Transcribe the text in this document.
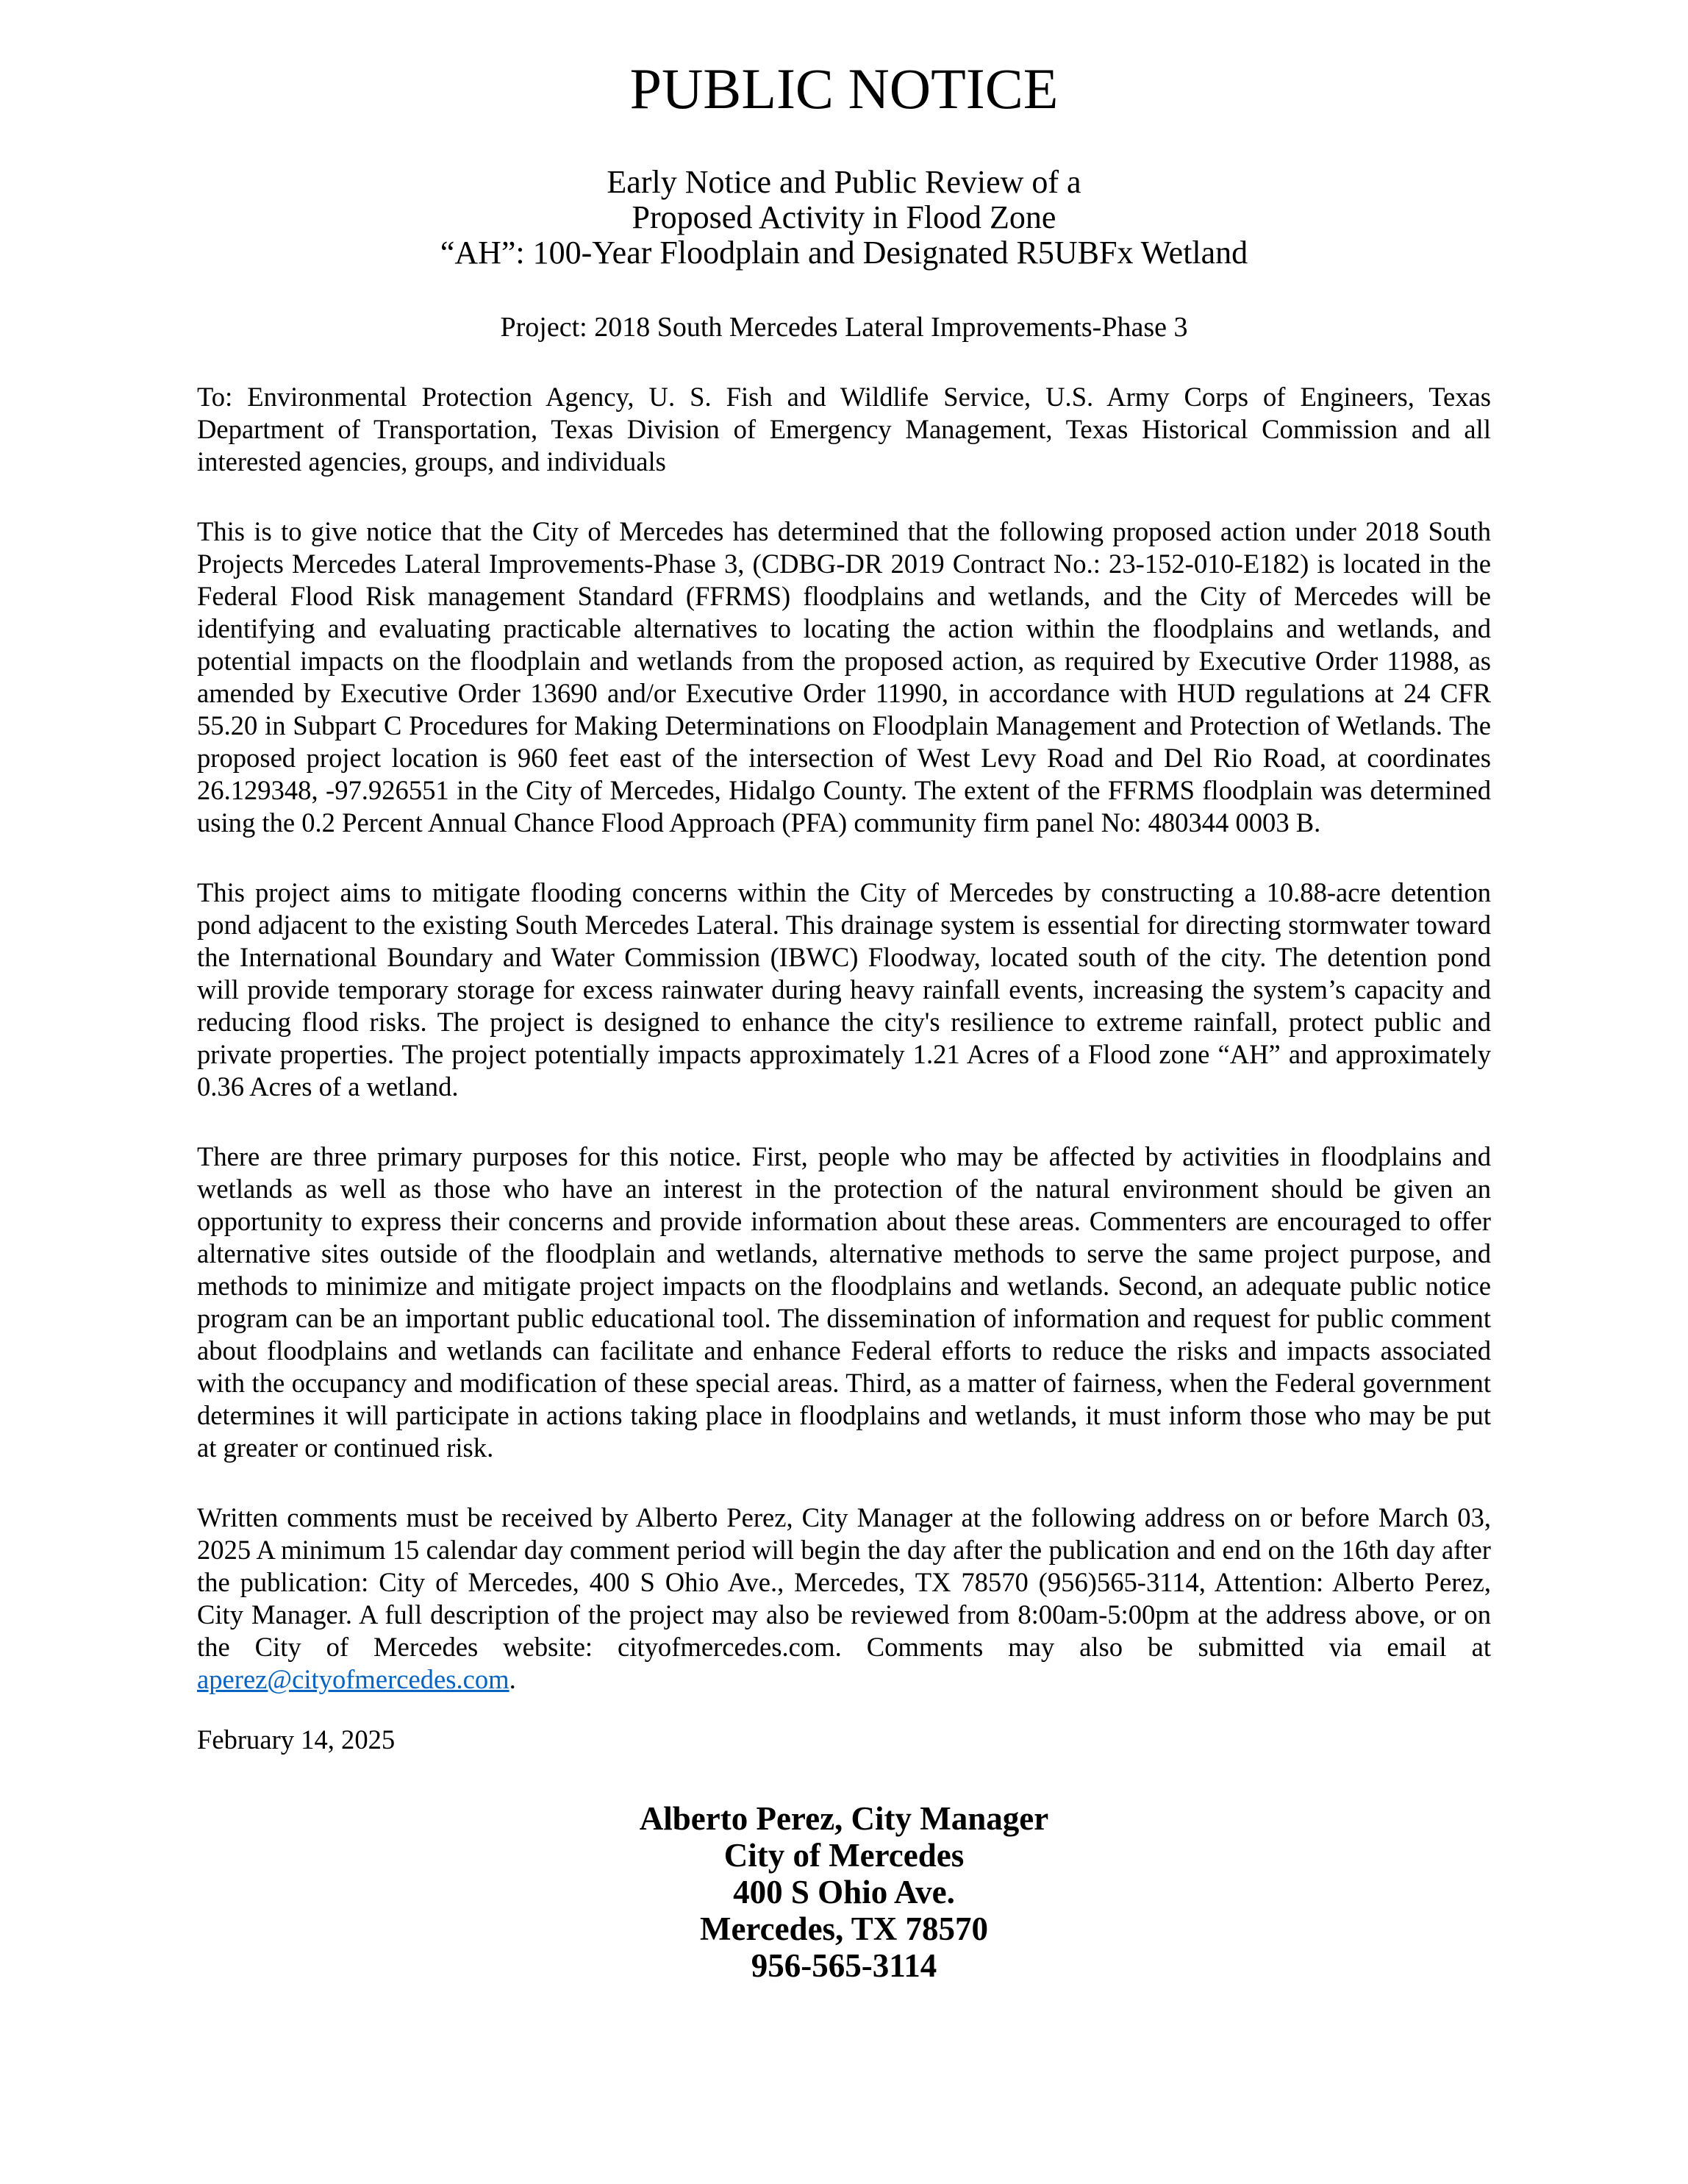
PUBLIC NOTICE
Early Notice and Public Review of a
Proposed Activity in Flood Zone
“AH”: 100-Year Floodplain and Designated R5UBFx Wetland
Project: 2018 South Mercedes Lateral Improvements-Phase 3

To: Environmental Protection Agency, U. S. Fish and Wildlife Service, U.S. Army Corps of Engineers, Texas Department of Transportation, Texas Division of Emergency Management, Texas Historical Commission and all interested agencies, groups, and individuals

This is to give notice that the City of Mercedes has determined that the following proposed action under 2018 South Projects Mercedes Lateral Improvements-Phase 3, (CDBG-DR 2019 Contract No.: 23-152-010-E182) is located in the Federal Flood Risk management Standard (FFRMS) floodplains and wetlands, and the City of Mercedes will be identifying and evaluating practicable alternatives to locating the action within the floodplains and wetlands, and potential impacts on the floodplain and wetlands from the proposed action, as required by Executive Order 11988, as amended by Executive Order 13690 and/or Executive Order 11990, in accordance with HUD regulations at 24 CFR 55.20 in Subpart C Procedures for Making Determinations on Floodplain Management and Protection of Wetlands. The proposed project location is 960 feet east of the intersection of West Levy Road and Del Rio Road, at coordinates 26.129348, -97.926551 in the City of Mercedes, Hidalgo County. The extent of the FFRMS floodplain was determined using the 0.2 Percent Annual Chance Flood Approach (PFA) community firm panel No: 480344 0003 B.

This project aims to mitigate flooding concerns within the City of Mercedes by constructing a 10.88-acre detention pond adjacent to the existing South Mercedes Lateral. This drainage system is essential for directing stormwater toward the International Boundary and Water Commission (IBWC) Floodway, located south of the city. The detention pond will provide temporary storage for excess rainwater during heavy rainfall events, increasing the system’s capacity and reducing flood risks. The project is designed to enhance the city's resilience to extreme rainfall, protect public and private properties. The project potentially impacts approximately 1.21 Acres of a Flood zone “AH” and approximately 0.36 Acres of a wetland.

There are three primary purposes for this notice. First, people who may be affected by activities in floodplains and wetlands as well as those who have an interest in the protection of the natural environment should be given an opportunity to express their concerns and provide information about these areas. Commenters are encouraged to offer alternative sites outside of the floodplain and wetlands, alternative methods to serve the same project purpose, and methods to minimize and mitigate project impacts on the floodplains and wetlands. Second, an adequate public notice program can be an important public educational tool. The dissemination of information and request for public comment about floodplains and wetlands can facilitate and enhance Federal efforts to reduce the risks and impacts associated with the occupancy and modification of these special areas. Third, as a matter of fairness, when the Federal government determines it will participate in actions taking place in floodplains and wetlands, it must inform those who may be put at greater or continued risk.

Written comments must be received by Alberto Perez, City Manager at the following address on or before March 03, 2025 A minimum 15 calendar day comment period will begin the day after the publication and end on the 16th day after the publication: City of Mercedes, 400 S Ohio Ave., Mercedes, TX 78570 (956)565-3114, Attention: Alberto Perez, City Manager. A full description of the project may also be reviewed from 8:00am-5:00pm at the address above, or on the City of Mercedes website: cityofmercedes.com. Comments may also be submitted via email at aperez@cityofmercedes.com.

February 14, 2025
Alberto Perez, City Manager
City of Mercedes
400 S Ohio Ave.
Mercedes, TX 78570
956-565-3114
